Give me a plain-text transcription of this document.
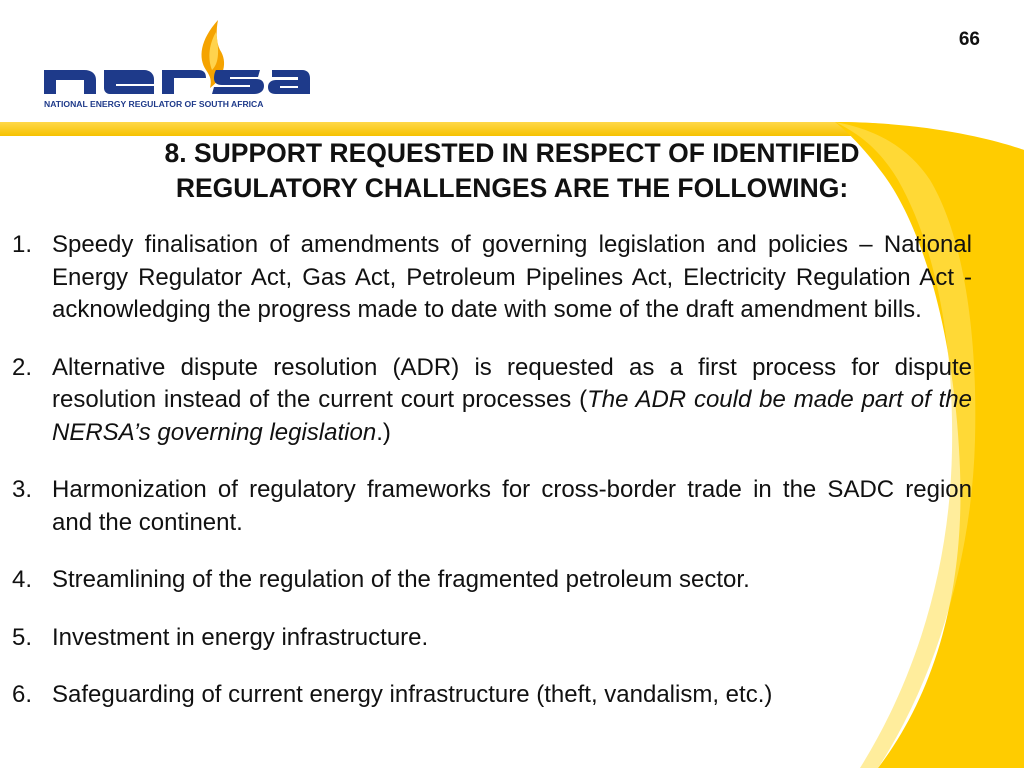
NATIONAL ENERGY REGULATOR OF SOUTH AFRICA
66
8. SUPPORT REQUESTED IN RESPECT OF IDENTIFIED
REGULATORY CHALLENGES ARE THE FOLLOWING:
1. Speedy finalisation of amendments of governing legislation and policies – National Energy Regulator Act, Gas Act, Petroleum Pipelines Act, Electricity Regulation Act - acknowledging the progress made to date with some of the draft amendment bills.
2. Alternative dispute resolution (ADR) is requested as a first process for dispute resolution instead of the current court processes (The ADR could be made part of the NERSA’s governing legislation.)
3. Harmonization of regulatory frameworks for cross-border trade in the SADC region and the continent.
4. Streamlining of the regulation of the fragmented petroleum sector.
5. Investment in energy infrastructure.
6. Safeguarding of current energy infrastructure (theft, vandalism, etc.)
